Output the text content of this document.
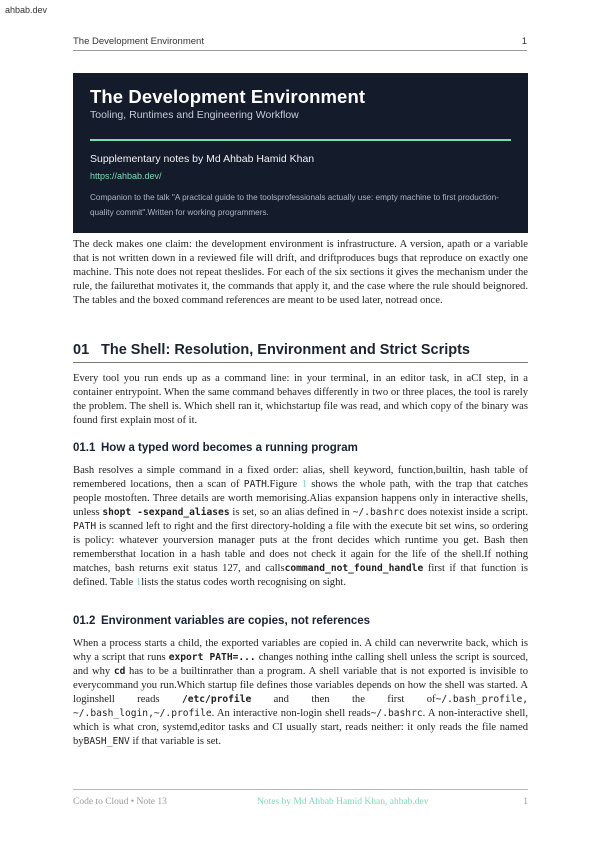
ahbab.dev
The Development Environment	1
The Development Environment
Tooling, Runtimes and Engineering Workflow
Supplementary notes by Md Ahbab Hamid Khan
https://ahbab.dev/
Companion to the talk "A practical guide to the toolsprofessionals actually use: empty machine to first production-quality commit".Written for working programmers.

The deck makes one claim: the development environment is infrastructure. A version, apath or a variable that is not written down in a reviewed file will drift, and driftproduces bugs that reproduce on exactly one machine. This note does not repeat theslides. For each of the six sections it gives the mechanism under the rule, the failurethat motivates it, the commands that apply it, and the case where the rule should beignored. The tables and the boxed command references are meant to be used later, notread once.

01 The Shell: Resolution, Environment and Strict Scripts

Every tool you run ends up as a command line: in your terminal, in an editor task, in aCI step, in a container entrypoint. When the same command behaves differently in two or three places, the tool is rarely the problem. The shell is. Which shell ran it, whichstartup file was read, and which copy of the binary was found first explain most of it.

01.1 How a typed word becomes a running program

Bash resolves a simple command in a fixed order: alias, shell keyword, function,builtin, hash table of remembered locations, then a scan of PATH.Figure 1 shows the whole path, with the trap that catches people mostoften. Three details are worth memorising.Alias expansion happens only in interactive shells, unless shopt -sexpand_aliases is set, so an alias defined in ~/.bashrc does notexist inside a script. PATH is scanned left to right and the first directory-holding a file with the execute bit set wins, so ordering is policy: whatever yourversion manager puts at the front decides which runtime you get. Bash then remembersthat location in a hash table and does not check it again for the life of the shell.If nothing matches, bash returns exit status 127, and callscommand_not_found_handle first if that function is defined. Table 1lists the status codes worth recognising on sight.

01.2 Environment variables are copies, not references

When a process starts a child, the exported variables are copied in. A child can neverwrite back, which is why a script that runs export PATH=... changes nothing inthe calling shell unless the script is sourced, and why cd has to be a builtinrather than a program. A shell variable that is not exported is invisible to everycommand you run.Which startup file defines those variables depends on how the shell was started. A loginshell reads /etc/profile and then the first of~/.bash_profile, ~/.bash_login,~/.profile. An interactive non-login shell reads~/.bashrc. A non-interactive shell, which is what cron, systemd,editor tasks and CI usually start, reads neither: it only reads the file named byBASH_ENV if that variable is set.

Code to Cloud • Note 13	Notes by Md Ahbab Hamid Khan, ahbab.dev	1
